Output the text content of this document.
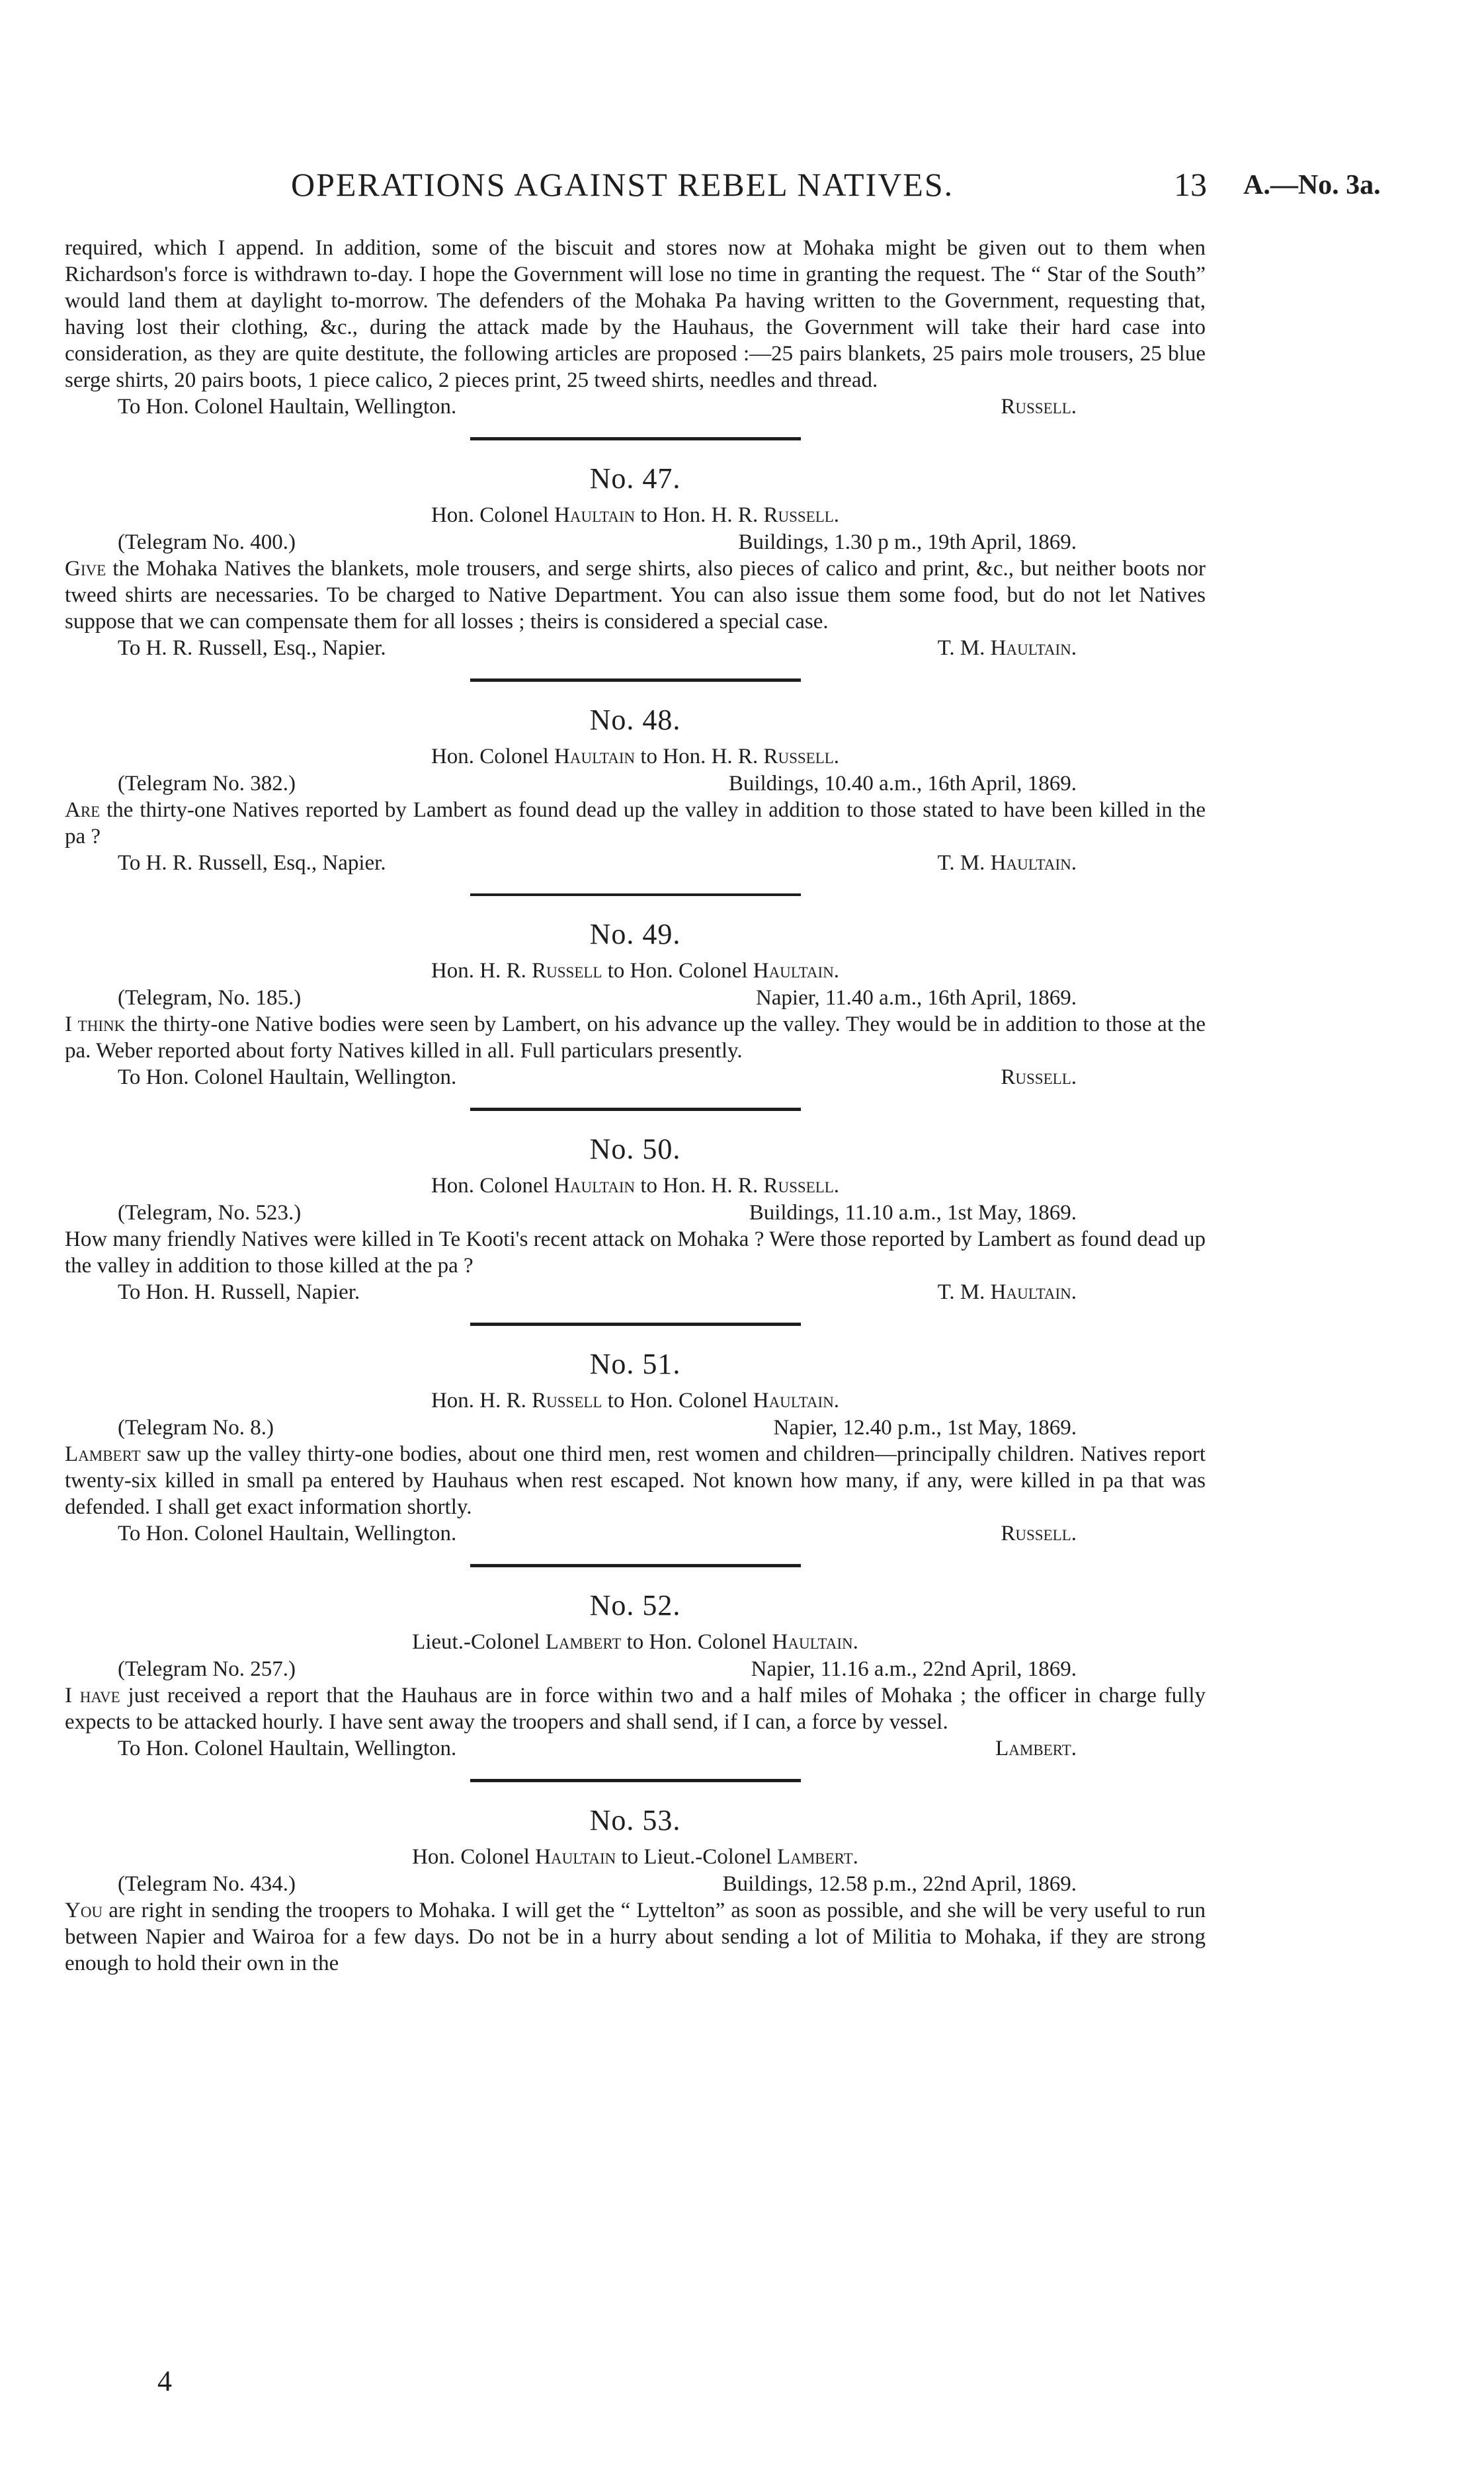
OPERATIONS AGAINST REBEL NATIVES.	13 A.—No. 3a.

required, which I append. In addition, some of the biscuit and stores now at Mohaka might be given out to them when Richardson's force is withdrawn to-day. I hope the Government will lose no time in granting the request. The “ Star of the South” would land them at daylight to-morrow. The defenders of the Mohaka Pa having written to the Government, requesting that, having lost their clothing, &c., during the attack made by the Hauhaus, the Government will take their hard case into consideration, as they are quite destitute, the following articles are proposed :—25 pairs blankets, 25 pairs mole trousers, 25 blue serge shirts, 20 pairs boots, 1 piece calico, 2 pieces print, 25 tweed shirts, needles and thread.

To Hon. Colonel Haultain, Wellington.	Russell.
No. 47.
Hon. Colonel Haultain to Hon. H. R. Russell.
(Telegram No. 400.)	Buildings, 1.30 p m., 19th April, 1869.

Give the Mohaka Natives the blankets, mole trousers, and serge shirts, also pieces of calico and print, &c., but neither boots nor tweed shirts are necessaries. To be charged to Native Department. You can also issue them some food, but do not let Natives suppose that we can compensate them for all losses ; theirs is considered a special case.

To H. R. Russell, Esq., Napier.	T. M. Haultain.
No. 48.
Hon. Colonel Haultain to Hon. H. R. Russell.
(Telegram No. 382.)	Buildings, 10.40 a.m., 16th April, 1869.

Are the thirty-one Natives reported by Lambert as found dead up the valley in addition to those stated to have been killed in the pa ?

To H. R. Russell, Esq., Napier.	T. M. Haultain.
No. 49.
Hon. H. R. Russell to Hon. Colonel Haultain.
(Telegram, No. 185.)	Napier, 11.40 a.m., 16th April, 1869.

I think the thirty-one Native bodies were seen by Lambert, on his advance up the valley. They would be in addition to those at the pa. Weber reported about forty Natives killed in all. Full particulars presently.

To Hon. Colonel Haultain, Wellington.	Russell.
No. 50.
Hon. Colonel Haultain to Hon. H. R. Russell.
(Telegram, No. 523.)	Buildings, 11.10 a.m., 1st May, 1869.

How many friendly Natives were killed in Te Kooti's recent attack on Mohaka ? Were those reported by Lambert as found dead up the valley in addition to those killed at the pa ?

To Hon. H. Russell, Napier.	T. M. Haultain.
No. 51.
Hon. H. R. Russell to Hon. Colonel Haultain.
(Telegram No. 8.)	Napier, 12.40 p.m., 1st May, 1869.

Lambert saw up the valley thirty-one bodies, about one third men, rest women and children—principally children. Natives report twenty-six killed in small pa entered by Hauhaus when rest escaped. Not known how many, if any, were killed in pa that was defended. I shall get exact information shortly.

To Hon. Colonel Haultain, Wellington.	Russell.
No. 52.
Lieut.-Colonel Lambert to Hon. Colonel Haultain.
(Telegram No. 257.)	Napier, 11.16 a.m., 22nd April, 1869.

I have just received a report that the Hauhaus are in force within two and a half miles of Mohaka ; the officer in charge fully expects to be attacked hourly. I have sent away the troopers and shall send, if I can, a force by vessel.

To Hon. Colonel Haultain, Wellington.	Lambert.
No. 53.
Hon. Colonel Haultain to Lieut.-Colonel Lambert.
(Telegram No. 434.)	Buildings, 12.58 p.m., 22nd April, 1869.

You are right in sending the troopers to Mohaka. I will get the “ Lyttelton” as soon as possible, and she will be very useful to run between Napier and Wairoa for a few days. Do not be in a hurry about sending a lot of Militia to Mohaka, if they are strong enough to hold their own in the

4
